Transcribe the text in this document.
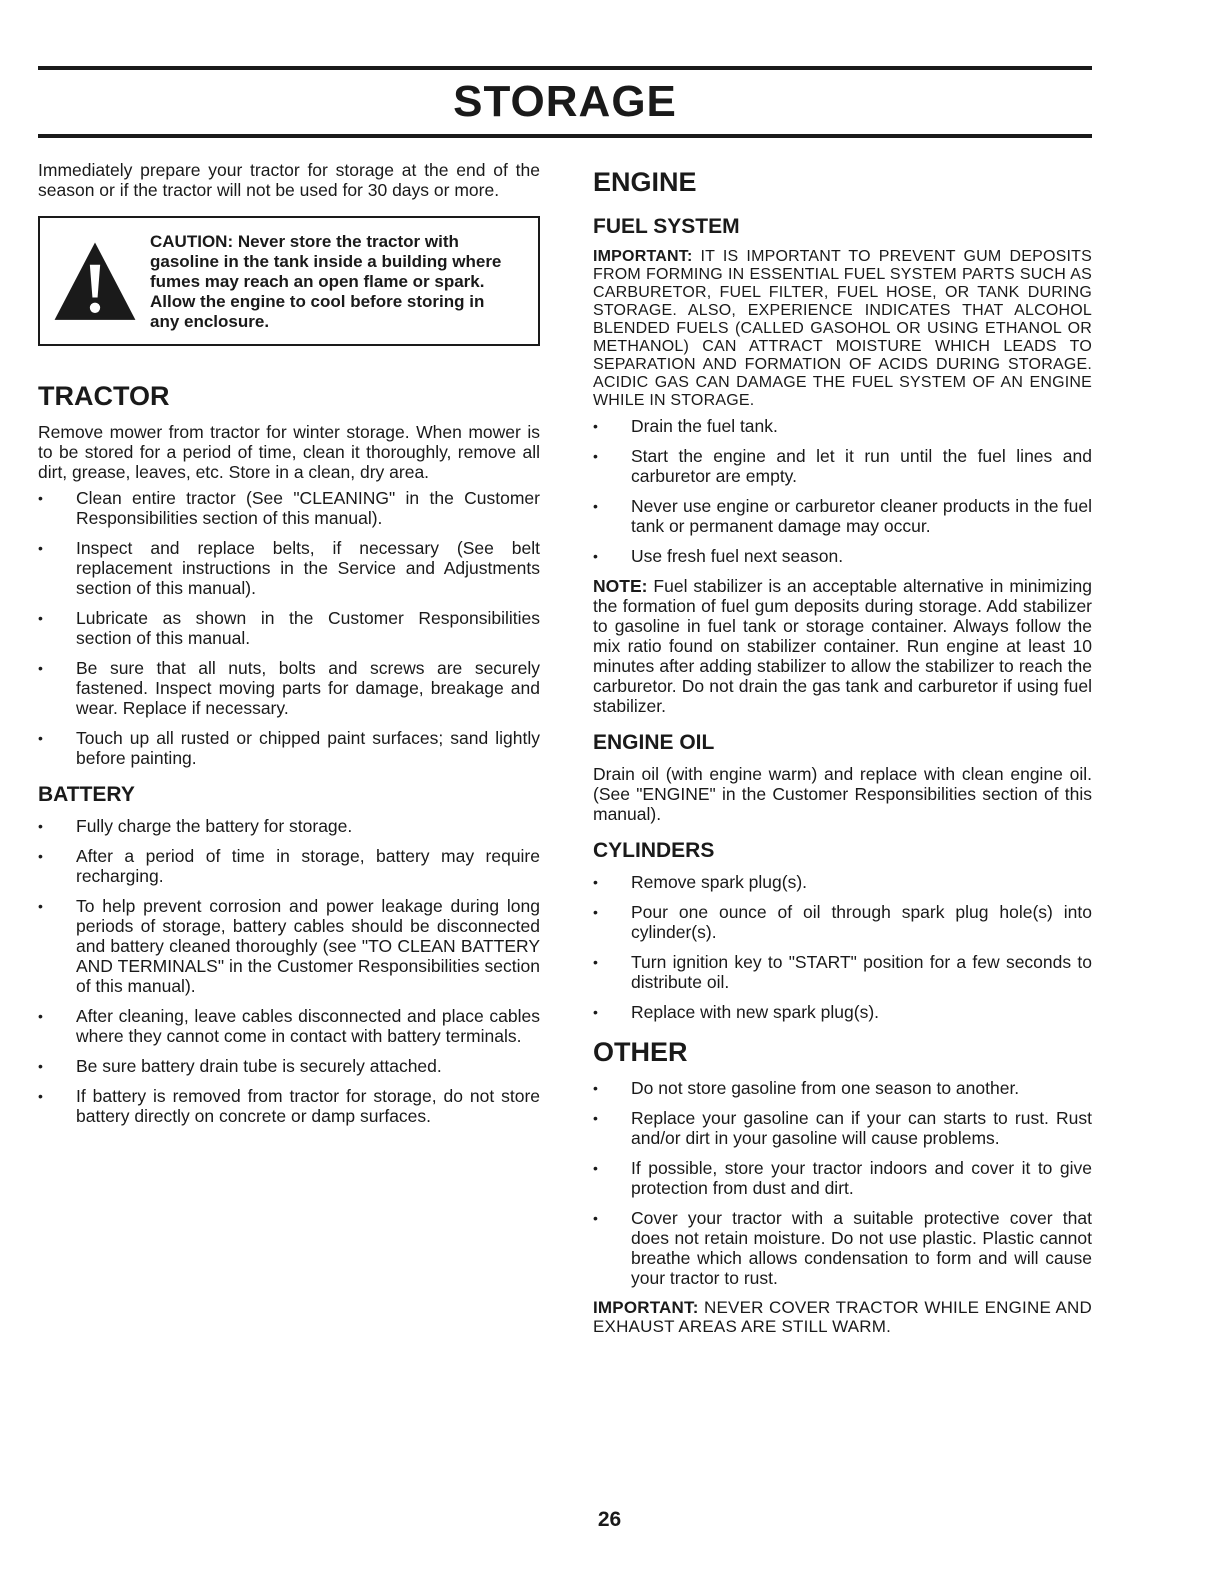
STORAGE

Immediately prepare your tractor for storage at the end of the season or if the tractor will not be used for 30 days or more.

CAUTION: Never store the tractor with gasoline in the tank inside a building where fumes may reach an open flame or spark. Allow the engine to cool before storing in any enclosure.
TRACTOR

Remove mower from tractor for winter storage. When mower is to be stored for a period of time, clean it thoroughly, remove all dirt, grease, leaves, etc. Store in a clean, dry area.

• Clean entire tractor (See "CLEANING" in the Customer Responsibilities section of this manual).
• Inspect and replace belts, if necessary (See belt replacement instructions in the Service and Adjustments section of this manual).
• Lubricate as shown in the Customer Responsibilities section of this manual.
• Be sure that all nuts, bolts and screws are securely fastened. Inspect moving parts for damage, breakage and wear. Replace if necessary.
• Touch up all rusted or chipped paint surfaces; sand lightly before painting.
BATTERY
• Fully charge the battery for storage.
• After a period of time in storage, battery may require recharging.
• To help prevent corrosion and power leakage during long periods of storage, battery cables should be disconnected and battery cleaned thoroughly (see "TO CLEAN BATTERY AND TERMINALS" in the Customer Responsibilities section of this manual).
• After cleaning, leave cables disconnected and place cables where they cannot come in contact with battery terminals.
• Be sure battery drain tube is securely attached.
• If battery is removed from tractor for storage, do not store battery directly on concrete or damp surfaces.
ENGINE
FUEL SYSTEM

IMPORTANT: IT IS IMPORTANT TO PREVENT GUM DEPOSITS FROM FORMING IN ESSENTIAL FUEL SYSTEM PARTS SUCH AS CARBURETOR, FUEL FILTER, FUEL HOSE, OR TANK DURING STORAGE. ALSO, EXPERIENCE INDICATES THAT ALCOHOL BLENDED FUELS (CALLED GASOHOL OR USING ETHANOL OR METHANOL) CAN ATTRACT MOISTURE WHICH LEADS TO SEPARATION AND FORMATION OF ACIDS DURING STORAGE. ACIDIC GAS CAN DAMAGE THE FUEL SYSTEM OF AN ENGINE WHILE IN STORAGE.

• Drain the fuel tank.
• Start the engine and let it run until the fuel lines and carburetor are empty.
• Never use engine or carburetor cleaner products in the fuel tank or permanent damage may occur.
• Use fresh fuel next season.

NOTE: Fuel stabilizer is an acceptable alternative in minimizing the formation of fuel gum deposits during storage. Add stabilizer to gasoline in fuel tank or storage container. Always follow the mix ratio found on stabilizer container. Run engine at least 10 minutes after adding stabilizer to allow the stabilizer to reach the carburetor. Do not drain the gas tank and carburetor if using fuel stabilizer.

ENGINE OIL

Drain oil (with engine warm) and replace with clean engine oil. (See "ENGINE" in the Customer Responsibilities section of this manual).

CYLINDERS
• Remove spark plug(s).
• Pour one ounce of oil through spark plug hole(s) into cylinder(s).
• Turn ignition key to "START" position for a few seconds to distribute oil.
• Replace with new spark plug(s).
OTHER
• Do not store gasoline from one season to another.
• Replace your gasoline can if your can starts to rust. Rust and/or dirt in your gasoline will cause problems.
• If possible, store your tractor indoors and cover it to give protection from dust and dirt.
• Cover your tractor with a suitable protective cover that does not retain moisture. Do not use plastic. Plastic cannot breathe which allows condensation to form and will cause your tractor to rust.

IMPORTANT: NEVER COVER TRACTOR WHILE ENGINE AND EXHAUST AREAS ARE STILL WARM.

26
